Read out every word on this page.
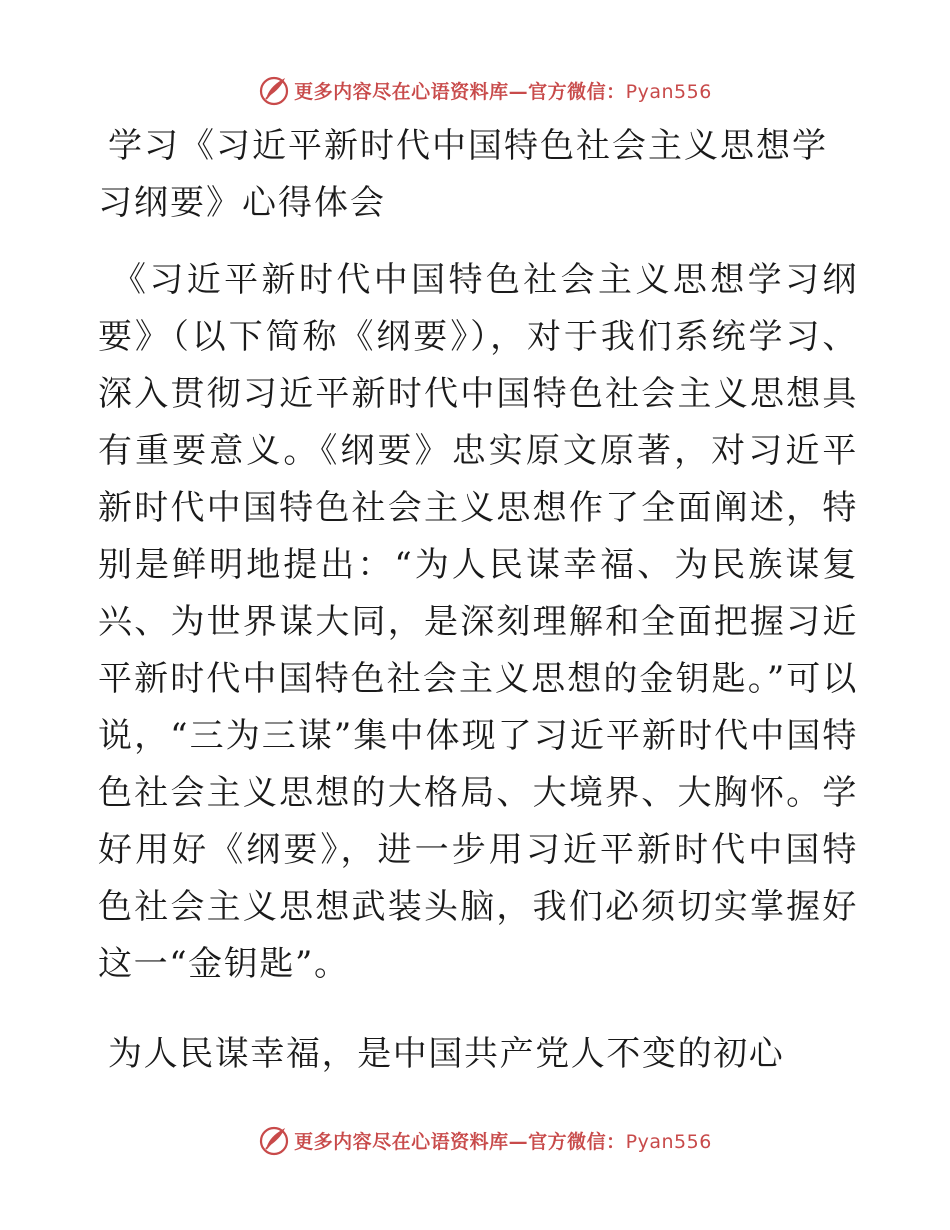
更多内容尽在心语资料库—官方微信：Pyan556
学习《习近平新时代中国特色社会主义思想学习纲要》心得体会

《习近平新时代中国特色社会主义思想学习纲要》（以下简称《纲要》），对于我们系统学习、深入贯彻习近平新时代中国特色社会主义思想具有重要意义。《纲要》忠实原文原著，对习近平新时代中国特色社会主义思想作了全面阐述，特别是鲜明地提出：“为人民谋幸福、为民族谋复兴、为世界谋大同，是深刻理解和全面把握习近平新时代中国特色社会主义思想的金钥匙。”可以说，“三为三谋”集中体现了习近平新时代中国特色社会主义思想的大格局、大境界、大胸怀。学好用好《纲要》，进一步用习近平新时代中国特色社会主义思想武装头脑，我们必须切实掌握好这一“金钥匙”。

为人民谋幸福，是中国共产党人不变的初心

更多内容尽在心语资料库—官方微信：Pyan556
